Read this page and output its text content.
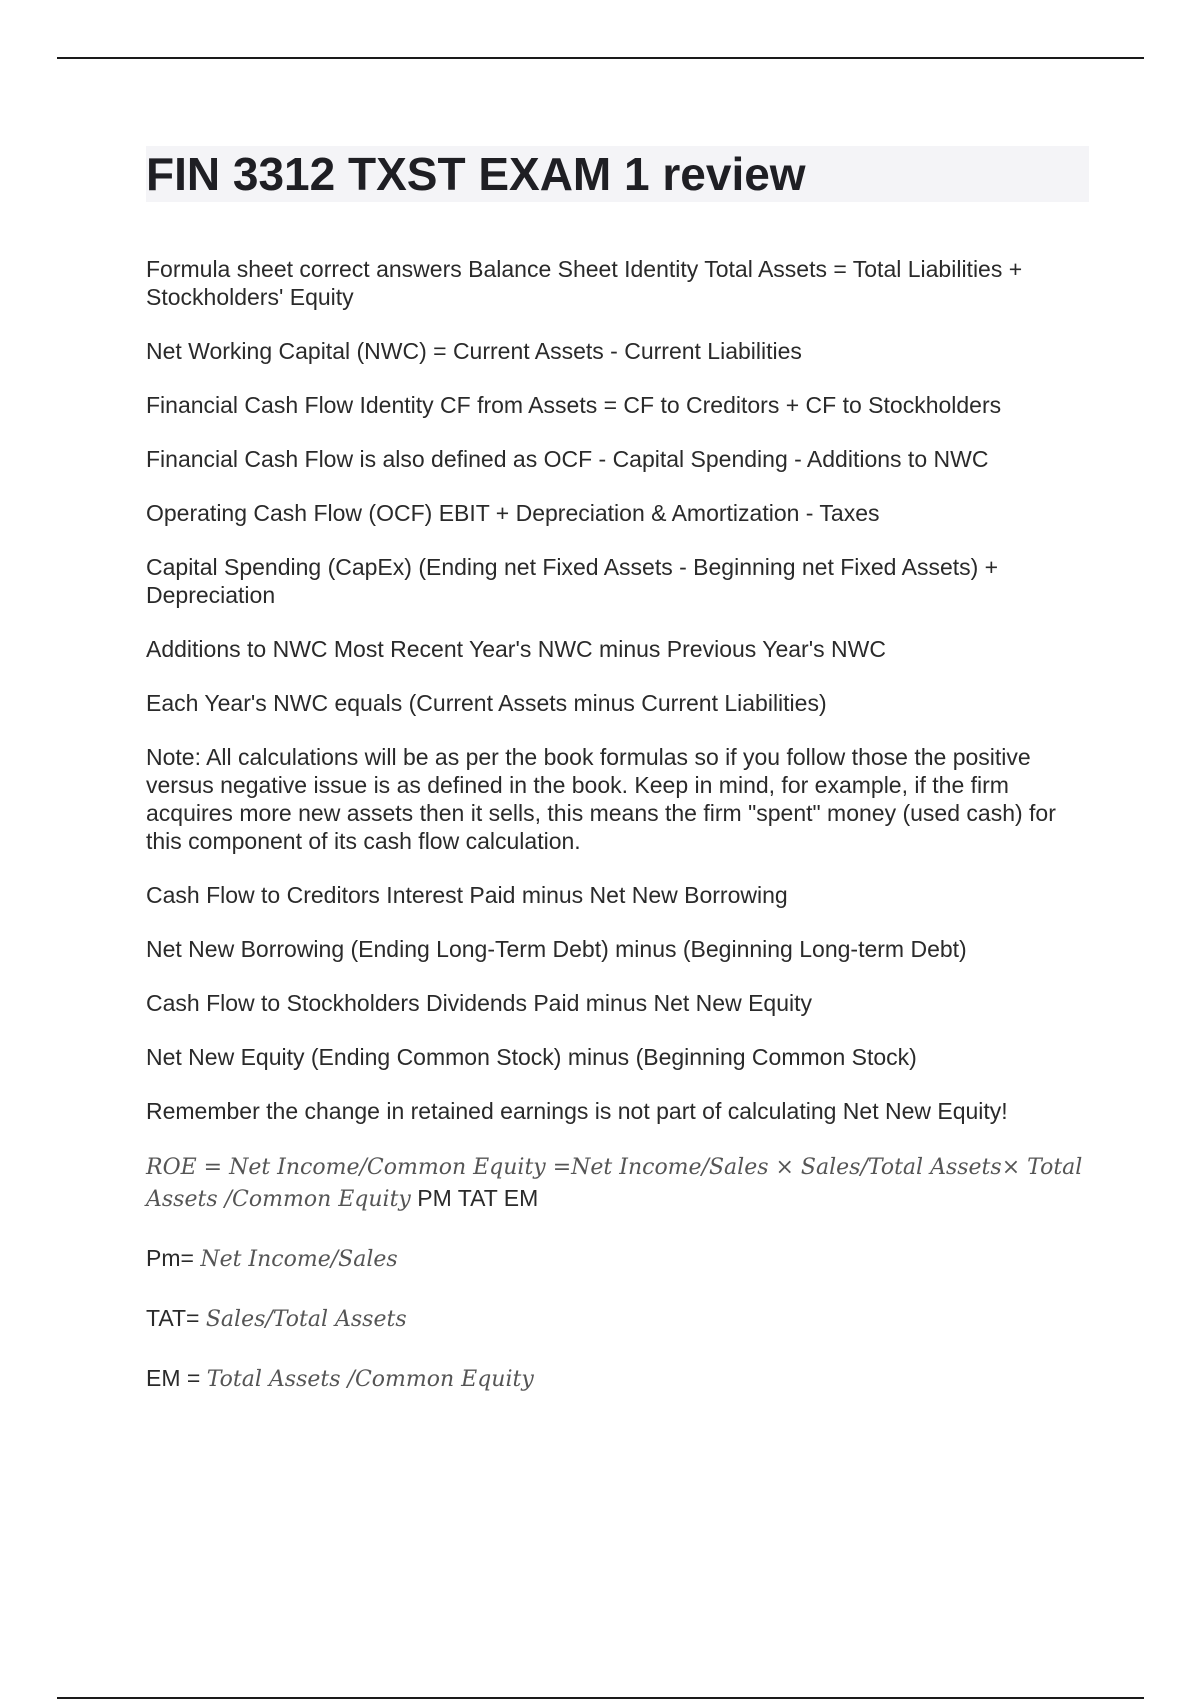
FIN 3312 TXST EXAM 1 review

Formula sheet correct answers Balance Sheet Identity Total Assets = Total Liabilities + Stockholders' Equity

Net Working Capital (NWC) = Current Assets - Current Liabilities

Financial Cash Flow Identity CF from Assets = CF to Creditors + CF to Stockholders

Financial Cash Flow is also defined as OCF - Capital Spending - Additions to NWC

Operating Cash Flow (OCF) EBIT + Depreciation & Amortization - Taxes

Capital Spending (CapEx) (Ending net Fixed Assets - Beginning net Fixed Assets) + Depreciation

Additions to NWC Most Recent Year's NWC minus Previous Year's NWC

Each Year's NWC equals (Current Assets minus Current Liabilities)

Note: All calculations will be as per the book formulas so if you follow those the positive versus negative issue is as defined in the book. Keep in mind, for example, if the firm acquires more new assets then it sells, this means the firm "spent" money (used cash) for this component of its cash flow calculation.

Cash Flow to Creditors Interest Paid minus Net New Borrowing

Net New Borrowing (Ending Long-Term Debt) minus (Beginning Long-term Debt)

Cash Flow to Stockholders Dividends Paid minus Net New Equity

Net New Equity (Ending Common Stock) minus (Beginning Common Stock)

Remember the change in retained earnings is not part of calculating Net New Equity!

ROE = Net Income/Common Equity =Net Income/Sales × Sales/Total Assets× Total Assets /Common Equity PM TAT EM

Pm= Net Income/Sales

TAT= Sales/Total Assets

EM = Total Assets /Common Equity
